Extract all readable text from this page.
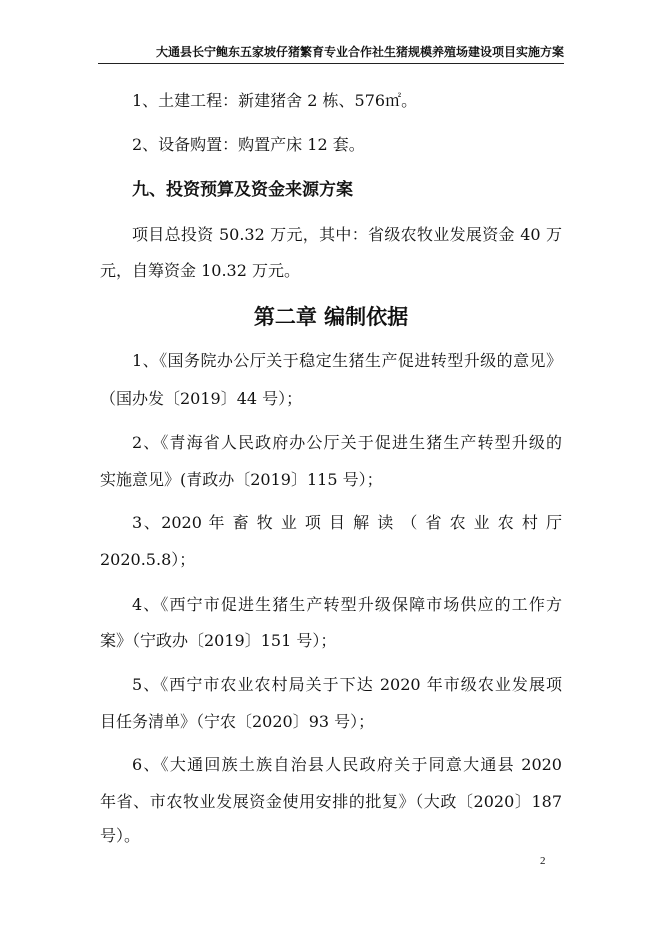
大通县长宁鲍东五家坡仔猪繁育专业合作社生猪规模养殖场建设项目实施方案

1、土建工程：新建猪舍 2 栋、576㎡。

2、设备购置：购置产床 12 套。

九、投资预算及资金来源方案

项目总投资 50.32 万元，其中：省级农牧业发展资金 40 万

元，自筹资金 10.32 万元。

第二章 编制依据

1、《国务院办公厅关于稳定生猪生产促进转型升级的意见》

（国办发〔2019〕44 号）；

2、《青海省人民政府办公厅关于促进生猪生产转型升级的

实施意见》(青政办〔2019〕115 号）；

3、2020 年 畜 牧 业 项 目 解 读 （ 省 农 业 农 村 厅

2020.5.8）；

4、《西宁市促进生猪生产转型升级保障市场供应的工作方

案》（宁政办〔2019〕151 号）；

5、《西宁市农业农村局关于下达 2020 年市级农业发展项

目任务清单》（宁农〔2020〕93 号）；

6、《大通回族土族自治县人民政府关于同意大通县 2020

年省、市农牧业发展资金使用安排的批复》（大政〔2020〕187

号）。

2
